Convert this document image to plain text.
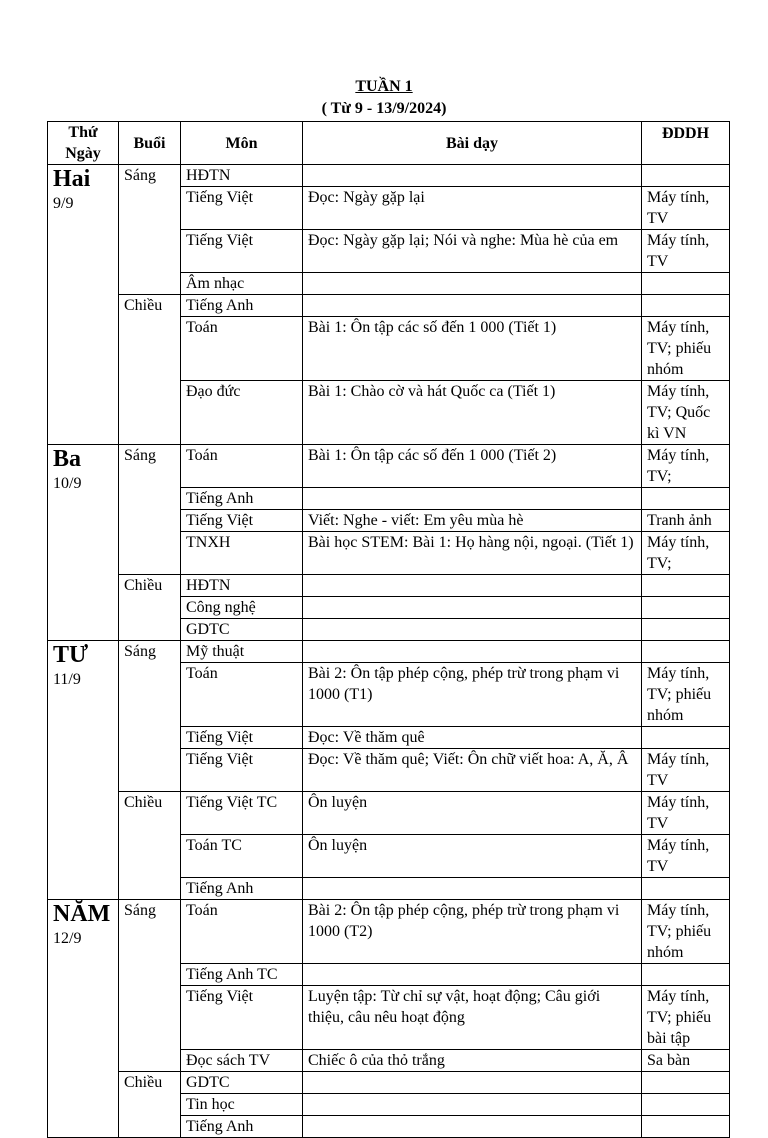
TUẦN 1
( Từ 9 - 13/9/2024)
Thứ Ngày	Buổi	Môn	Bài dạy	ĐDDH

Hai
9/9	Sáng	HĐTN		
		Tiếng Việt	Đọc: Ngày gặp lại	Máy tính, TV
		Tiếng Việt	Đọc: Ngày gặp lại; Nói và nghe: Mùa hè của em	Máy tính, TV
		Âm nhạc		
	Chiều	Tiếng Anh		
		Toán	Bài 1: Ôn tập các số đến 1 000 (Tiết 1)	Máy tính, TV; phiếu nhóm
		Đạo đức	Bài 1: Chào cờ và hát Quốc ca (Tiết 1)	Máy tính, TV; Quốc kì VN

Ba
10/9	Sáng	Toán	Bài 1: Ôn tập các số đến 1 000 (Tiết 2)	Máy tính, TV;
		Tiếng Anh		
		Tiếng Việt	Viết: Nghe - viết: Em yêu mùa hè	Tranh ảnh
		TNXH	Bài học STEM: Bài 1: Họ hàng nội, ngoại. (Tiết 1)	Máy tính, TV;
	Chiều	HĐTN		
		Công nghệ		
		GDTC		

TƯ
11/9	Sáng	Mỹ thuật		
		Toán	Bài 2: Ôn tập phép cộng, phép trừ trong phạm vi 1000 (T1)	Máy tính, TV; phiếu nhóm
		Tiếng Việt	Đọc: Về thăm quê	
		Tiếng Việt	Đọc: Về thăm quê; Viết: Ôn chữ viết hoa: A, Ă, Â	Máy tính, TV
	Chiều	Tiếng Việt TC	Ôn luyện	Máy tính, TV
		Toán TC	Ôn luyện	Máy tính, TV
		Tiếng Anh		

NĂM
12/9	Sáng	Toán	Bài 2: Ôn tập phép cộng, phép trừ trong phạm vi 1000 (T2)	Máy tính, TV; phiếu nhóm
		Tiếng Anh TC		
		Tiếng Việt	Luyện tập: Từ chỉ sự vật, hoạt động; Câu giới thiệu, câu nêu hoạt động	Máy tính, TV; phiếu bài tập
		Đọc sách TV	Chiếc ô của thỏ trắng	Sa bàn
	Chiều	GDTC		
		Tin học		
		Tiếng Anh		
